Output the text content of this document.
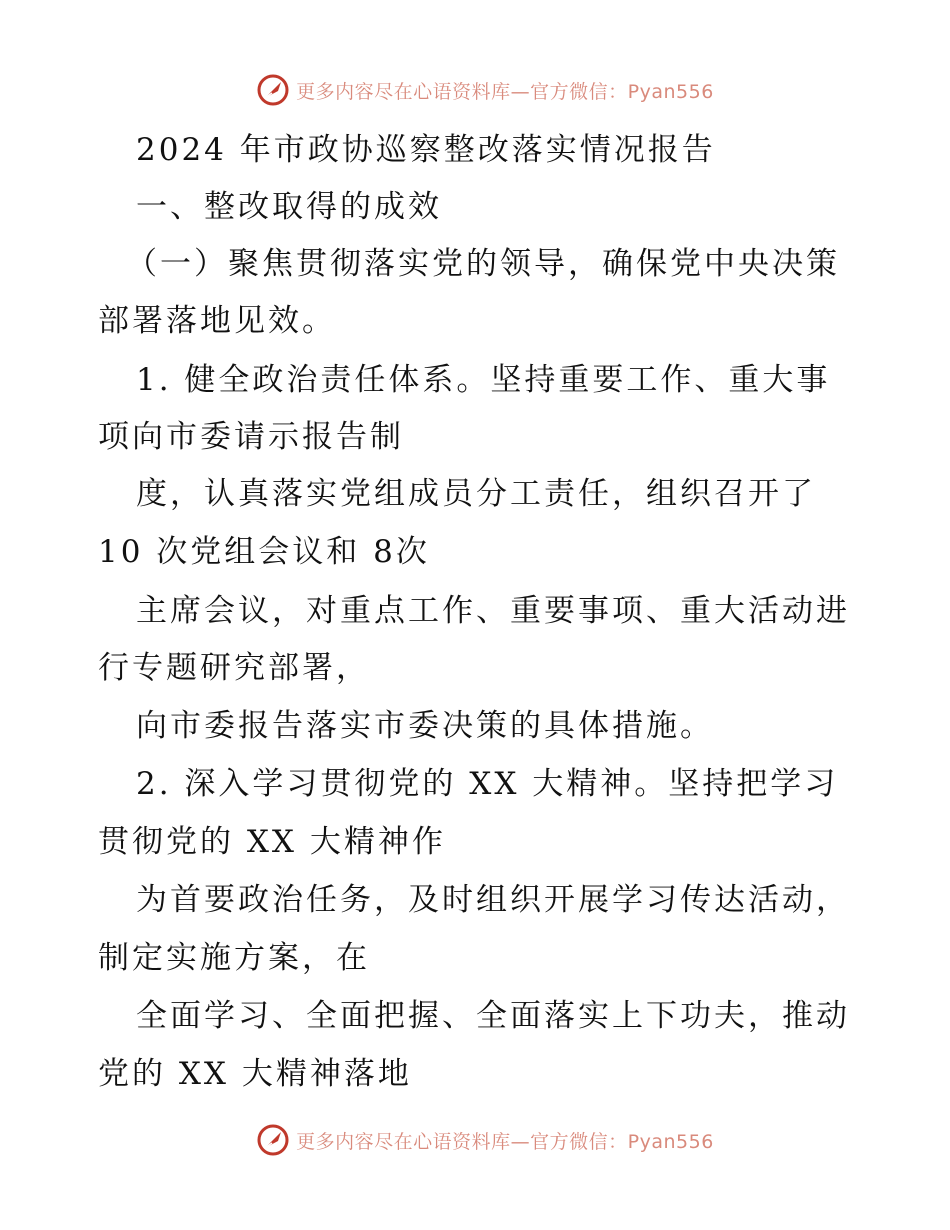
更多内容尽在心语资料库—官方微信：Pyan556
2024 年市政协巡察整改落实情况报告
一、整改取得的成效
（一）聚焦贯彻落实党的领导，确保党中央决策
部署落地见效。
1. 健全政治责任体系。坚持重要工作、重大事
项向市委请示报告制
度，认真落实党组成员分工责任，组织召开了
10 次党组会议和 8次
主席会议，对重点工作、重要事项、重大活动进
行专题研究部署，
向市委报告落实市委决策的具体措施。
2. 深入学习贯彻党的 XX 大精神。坚持把学习
贯彻党的 XX 大精神作
为首要政治任务，及时组织开展学习传达活动，
制定实施方案，在
全面学习、全面把握、全面落实上下功夫，推动
党的 XX 大精神落地
更多内容尽在心语资料库—官方微信：Pyan556
